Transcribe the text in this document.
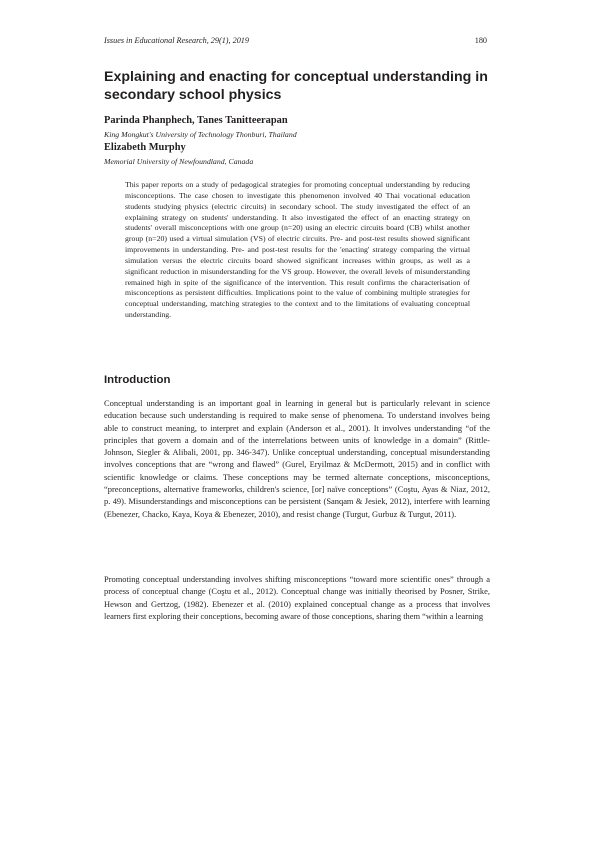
Issues in Educational Research, 29(1), 2019	180
Explaining and enacting for conceptual understanding in secondary school physics

Parinda Phanphech, Tanes Tanitteerapan

King Mongkut's University of Technology Thonburi, Thailand

Elizabeth Murphy

Memorial University of Newfoundland, Canada

This paper reports on a study of pedagogical strategies for promoting conceptual understanding by reducing misconceptions. The case chosen to investigate this phenomenon involved 40 Thai vocational education students studying physics (electric circuits) in secondary school. The study investigated the effect of an explaining strategy on students' understanding. It also investigated the effect of an enacting strategy on students' overall misconceptions with one group (n=20) using an electric circuits board (CB) whilst another group (n=20) used a virtual simulation (VS) of electric circuits. Pre- and post-test results showed significant improvements in understanding. Pre- and post-test results for the 'enacting' strategy comparing the virtual simulation versus the electric circuits board showed significant increases within groups, as well as a significant reduction in misunderstanding for the VS group. However, the overall levels of misunderstanding remained high in spite of the significance of the intervention. This result confirms the characterisation of misconceptions as persistent difficulties. Implications point to the value of combining multiple strategies for conceptual understanding, matching strategies to the context and to the limitations of evaluating conceptual understanding.

Introduction

Conceptual understanding is an important goal in learning in general but is particularly relevant in science education because such understanding is required to make sense of phenomena. To understand involves being able to construct meaning, to interpret and explain (Anderson et al., 2001). It involves understanding “of the principles that govern a domain and of the interrelations between units of knowledge in a domain” (Rittle-Johnson, Siegler & Alibali, 2001, pp. 346-347). Unlike conceptual understanding, conceptual misunderstanding involves conceptions that are “wrong and flawed” (Gurel, Eryilmaz & McDermott, 2015) and in conflict with scientific knowledge or claims. These conceptions may be termed alternate conceptions, misconceptions, “preconceptions, alternative frameworks, children's science, [or] naïve conceptions” (Coştu, Ayas & Niaz, 2012, p. 49). Misunderstandings and misconceptions can be persistent (Sanqam & Jesiek, 2012), interfere with learning (Ebenezer, Chacko, Kaya, Koya & Ebenezer, 2010), and resist change (Turgut, Gurbuz & Turgut, 2011).

Promoting conceptual understanding involves shifting misconceptions “toward more scientific ones” through a process of conceptual change (Coştu et al., 2012). Conceptual change was initially theorised by Posner, Strike, Hewson and Gertzog, (1982). Ebenezer et al. (2010) explained conceptual change as a process that involves learners first exploring their conceptions, becoming aware of those conceptions, sharing them “within a learning
